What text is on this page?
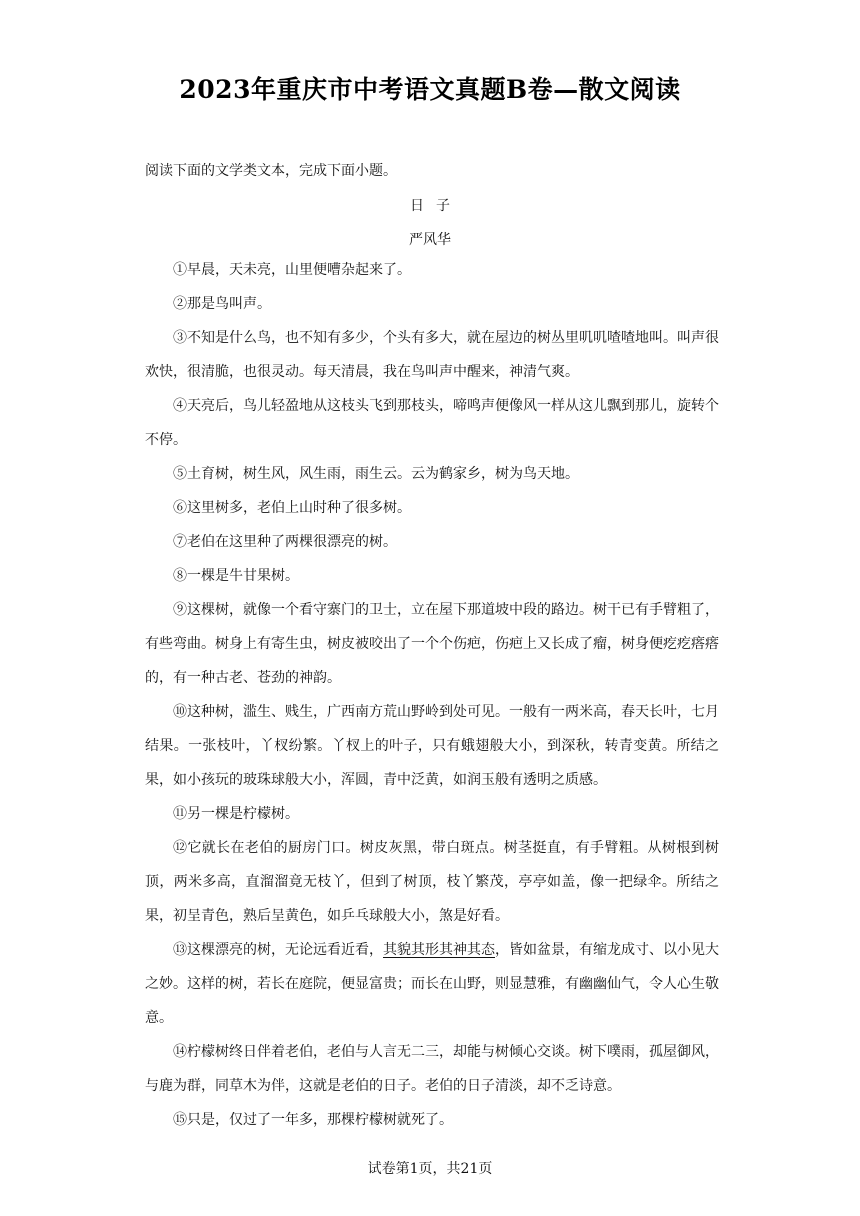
2023年重庆市中考语文真题B卷—散文阅读
阅读下面的文学类文本，完成下面小题。
日子
严风华

①早晨，天未亮，山里便嘈杂起来了。

②那是鸟叫声。

③不知是什么鸟，也不知有多少，个头有多大，就在屋边的树丛里叽叽喳喳地叫。叫声很欢快，很清脆，也很灵动。每天清晨，我在鸟叫声中醒来，神清气爽。

④天亮后，鸟儿轻盈地从这枝头飞到那枝头，啼鸣声便像风一样从这儿飘到那儿，旋转个不停。

⑤土育树，树生风，风生雨，雨生云。云为鹤家乡，树为鸟天地。

⑥这里树多，老伯上山时种了很多树。

⑦老伯在这里种了两棵很漂亮的树。

⑧一棵是牛甘果树。

⑨这棵树，就像一个看守寨门的卫士，立在屋下那道坡中段的路边。树干已有手臂粗了，有些弯曲。树身上有寄生虫，树皮被咬出了一个个伤疤，伤疤上又长成了瘤，树身便疙疙瘩瘩的，有一种古老、苍劲的神韵。

⑩这种树，滥生、贱生，广西南方荒山野岭到处可见。一般有一两米高，春天长叶，七月结果。一张枝叶，丫杈纷繁。丫杈上的叶子，只有蛾翅般大小，到深秋，转青变黄。所结之果，如小孩玩的玻珠球般大小，浑圆，青中泛黄，如润玉般有透明之质感。

⑪另一棵是柠檬树。

⑫它就长在老伯的厨房门口。树皮灰黑，带白斑点。树茎挺直，有手臂粗。从树根到树顶，两米多高，直溜溜竟无枝丫，但到了树顶，枝丫繁茂，亭亭如盖，像一把绿伞。所结之果，初呈青色，熟后呈黄色，如乒乓球般大小，煞是好看。

⑬这棵漂亮的树，无论远看近看，其貌其形其神其态，皆如盆景，有缩龙成寸、以小见大之妙。这样的树，若长在庭院，便显富贵；而长在山野，则显慧雅，有幽幽仙气，令人心生敬意。

⑭柠檬树终日伴着老伯，老伯与人言无二三，却能与树倾心交谈。树下噗雨，孤屋御风，与鹿为群，同草木为伴，这就是老伯的日子。老伯的日子清淡，却不乏诗意。

⑮只是，仅过了一年多，那棵柠檬树就死了。

试卷第1页，共21页
